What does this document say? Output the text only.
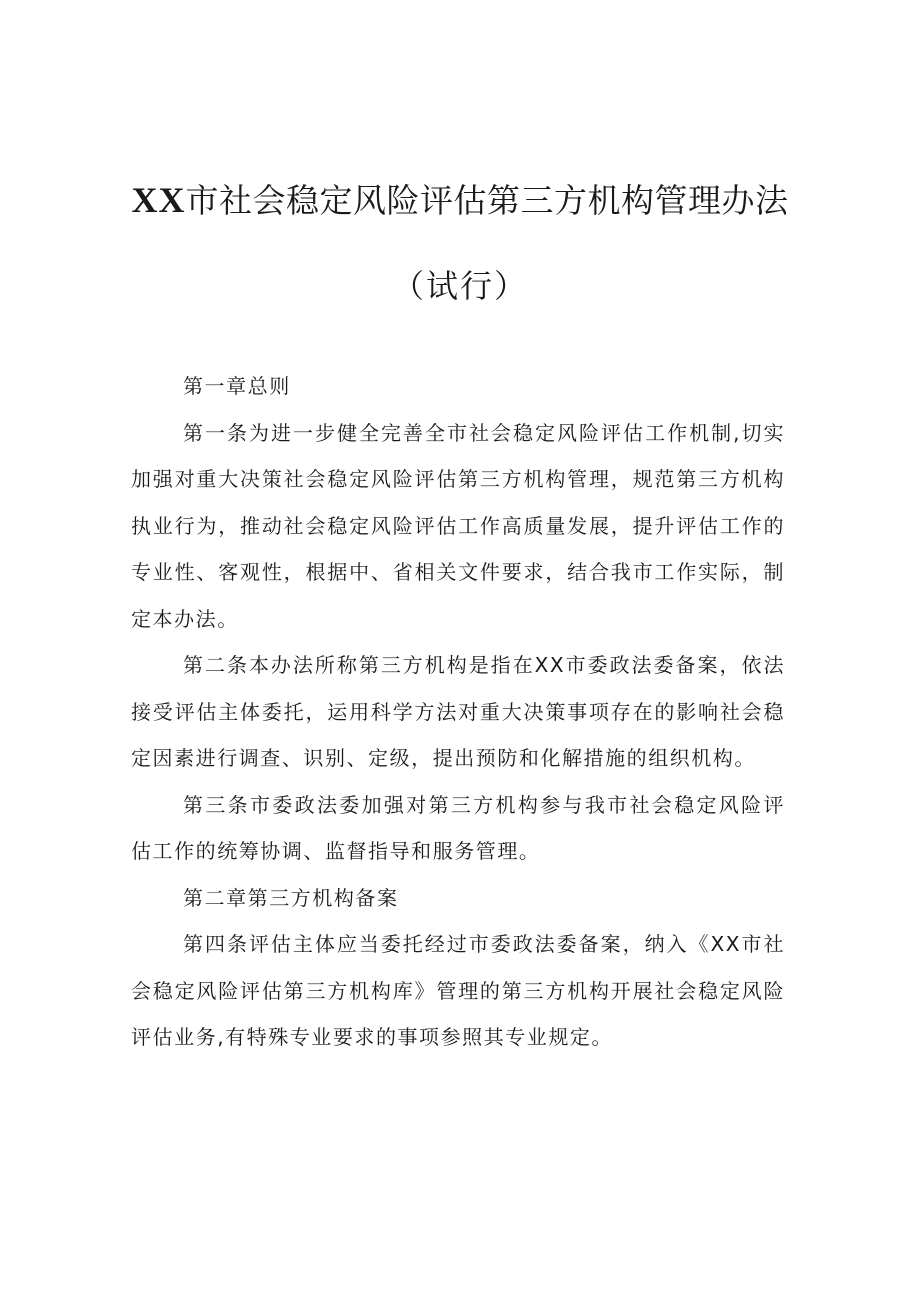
XX市社会稳定风险评估第三方机构管理办法
（试行）

第一章总则

第一条为进一步健全完善全市社会稳定风险评估工作机制,切实加强对重大决策社会稳定风险评估第三方机构管理，规范第三方机构执业行为，推动社会稳定风险评估工作高质量发展，提升评估工作的专业性、客观性，根据中、省相关文件要求，结合我市工作实际，制定本办法。

第二条本办法所称第三方机构是指在XX市委政法委备案，依法接受评估主体委托，运用科学方法对重大决策事项存在的影响社会稳定因素进行调查、识别、定级，提出预防和化解措施的组织机构。

第三条市委政法委加强对第三方机构参与我市社会稳定风险评估工作的统筹协调、监督指导和服务管理。

第二章第三方机构备案

第四条评估主体应当委托经过市委政法委备案，纳入《XX市社会稳定风险评估第三方机构库》管理的第三方机构开展社会稳定风险评估业务,有特殊专业要求的事项参照其专业规定。
